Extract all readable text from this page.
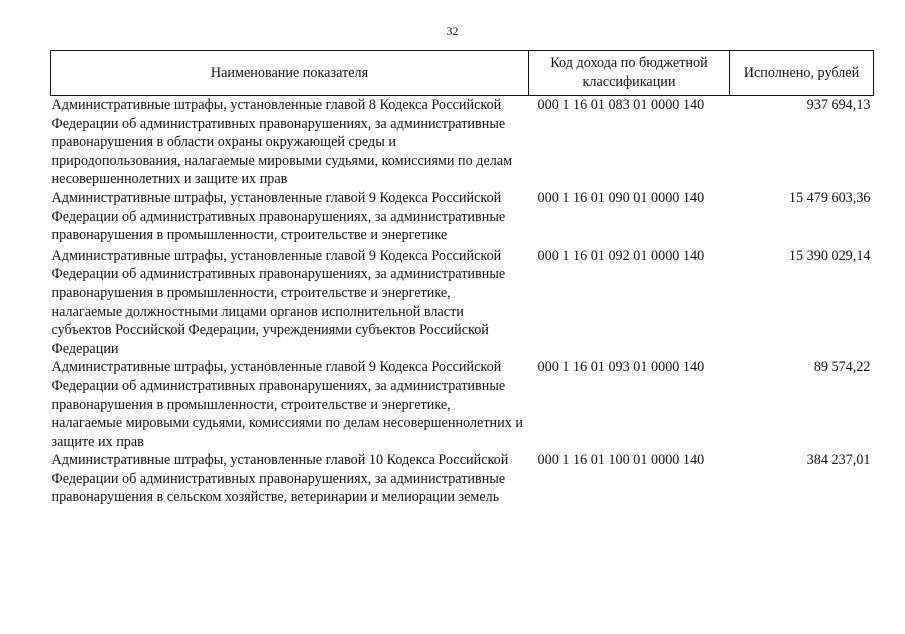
32
Наименование показателя	Код дохода по бюджетной классификации	Исполнено, рублей
Административные штрафы, установленные главой 8 Кодекса Российской Федерации об административных правонарушениях, за административные правонарушения в области охраны окружающей среды и природопользования, налагаемые мировыми судьями, комиссиями по делам несовершеннолетних и защите их прав	000 1 16 01 083 01 0000 140	937 694,13
Административные штрафы, установленные главой 9 Кодекса Российской Федерации об административных правонарушениях, за административные правонарушения в промышленности, строительстве и энергетике	000 1 16 01 090 01 0000 140	15 479 603,36
Административные штрафы, установленные главой 9 Кодекса Российской Федерации об административных правонарушениях, за административные правонарушения в промышленности, строительстве и энергетике, налагаемые должностными лицами органов исполнительной власти субъектов Российской Федерации, учреждениями субъектов Российской Федерации	000 1 16 01 092 01 0000 140	15 390 029,14
Административные штрафы, установленные главой 9 Кодекса Российской Федерации об административных правонарушениях, за административные правонарушения в промышленности, строительстве и энергетике, налагаемые мировыми судьями, комиссиями по делам несовершеннолетних и защите их прав	000 1 16 01 093 01 0000 140	89 574,22
Административные штрафы, установленные главой 10 Кодекса Российской Федерации об административных правонарушениях, за административные правонарушения в сельском хозяйстве, ветеринарии и мелиорации земель	000 1 16 01 100 01 0000 140	384 237,01
